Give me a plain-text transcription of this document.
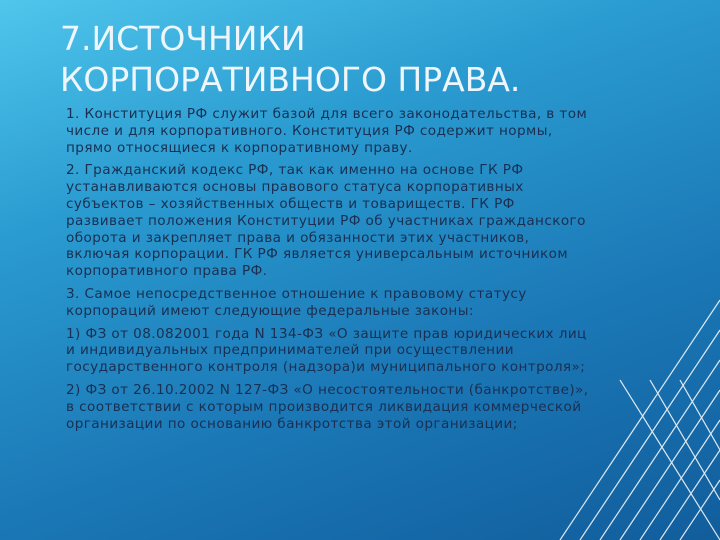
7.ИСТОЧНИКИ
КОРПОРАТИВНОГО ПРАВА.
1. Конституция РФ служит базой для всего законодательства, в том
числе и для корпоративного. Конституция РФ содержит нормы,
прямо относящиеся к корпоративному праву.
2. Гражданский кодекс РФ, так как именно на основе ГК РФ
устанавливаются основы правового статуса корпоративных
субъектов – хозяйственных обществ и товариществ. ГК РФ
развивает положения Конституции РФ об участниках гражданского
оборота и закрепляет права и обязанности этих участников,
включая корпорации. ГК РФ является универсальным источником
корпоративного права РФ.
3. Самое непосредственное отношение к правовому статусу
корпораций имеют следующие федеральные законы:
1) ФЗ от 08.082001 года N 134-ФЗ «О защите прав юридических лиц
и индивидуальных предпринимателей при осуществлении
государственного контроля (надзора)и муниципального контроля»;
2) ФЗ от 26.10.2002 N 127-ФЗ «О несостоятельности (банкротстве)»,
в соответствии с которым производится ликвидация коммерческой
организации по основанию банкротства этой организации;
